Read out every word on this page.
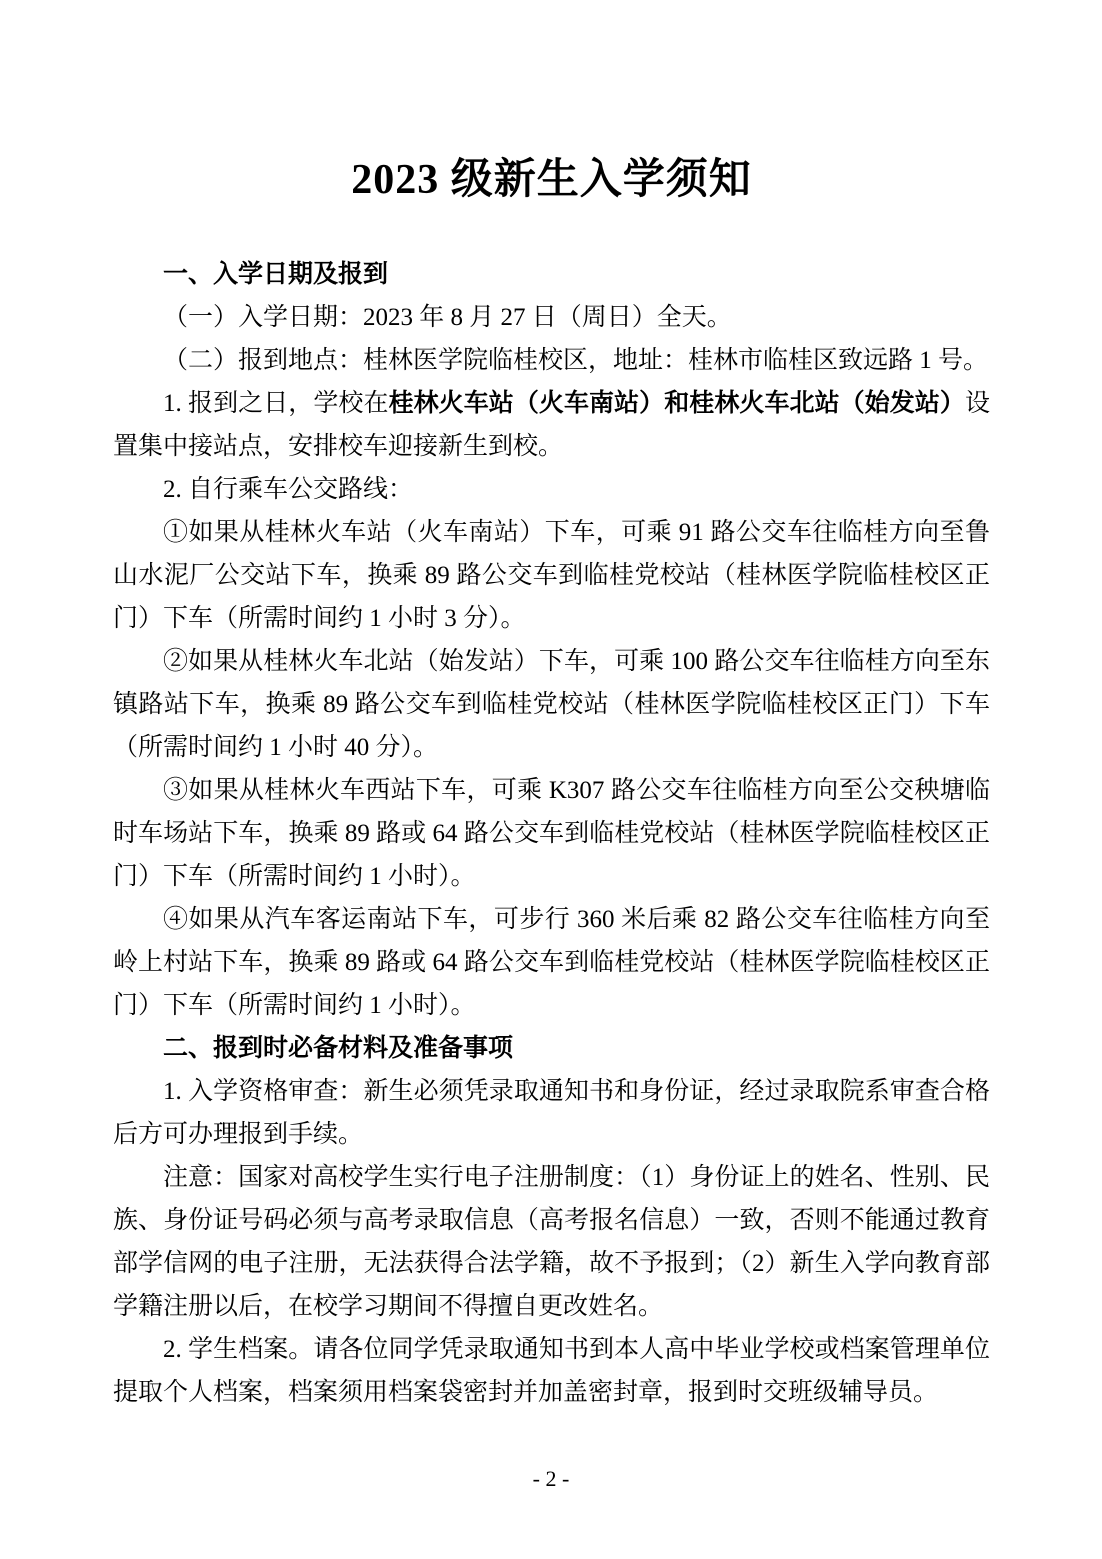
2023 级新生入学须知

一、入学日期及报到

（一）入学日期：2023 年 8 月 27 日（周日）全天。

（二）报到地点：桂林医学院临桂校区，地址：桂林市临桂区致远路 1 号。

1. 报到之日，学校在桂林火车站（火车南站）和桂林火车北站（始发站）设置集中接站点，安排校车迎接新生到校。

2. 自行乘车公交路线：

①如果从桂林火车站（火车南站）下车，可乘 91 路公交车往临桂方向至鲁山水泥厂公交站下车，换乘 89 路公交车到临桂党校站（桂林医学院临桂校区正门）下车（所需时间约 1 小时 3 分）。

②如果从桂林火车北站（始发站）下车，可乘 100 路公交车往临桂方向至东镇路站下车，换乘 89 路公交车到临桂党校站（桂林医学院临桂校区正门）下车（所需时间约 1 小时 40 分）。

③如果从桂林火车西站下车，可乘 K307 路公交车往临桂方向至公交秧塘临时车场站下车，换乘 89 路或 64 路公交车到临桂党校站（桂林医学院临桂校区正门）下车（所需时间约 1 小时）。

④如果从汽车客运南站下车，可步行 360 米后乘 82 路公交车往临桂方向至岭上村站下车，换乘 89 路或 64 路公交车到临桂党校站（桂林医学院临桂校区正门）下车（所需时间约 1 小时）。

二、报到时必备材料及准备事项

1. 入学资格审查：新生必须凭录取通知书和身份证，经过录取院系审查合格后方可办理报到手续。

注意：国家对高校学生实行电子注册制度：（1）身份证上的姓名、性别、民族、身份证号码必须与高考录取信息（高考报名信息）一致，否则不能通过教育部学信网的电子注册，无法获得合法学籍，故不予报到；（2）新生入学向教育部学籍注册以后，在校学习期间不得擅自更改姓名。

2. 学生档案。请各位同学凭录取通知书到本人高中毕业学校或档案管理单位提取个人档案，档案须用档案袋密封并加盖密封章，报到时交班级辅导员。

- 2 -
